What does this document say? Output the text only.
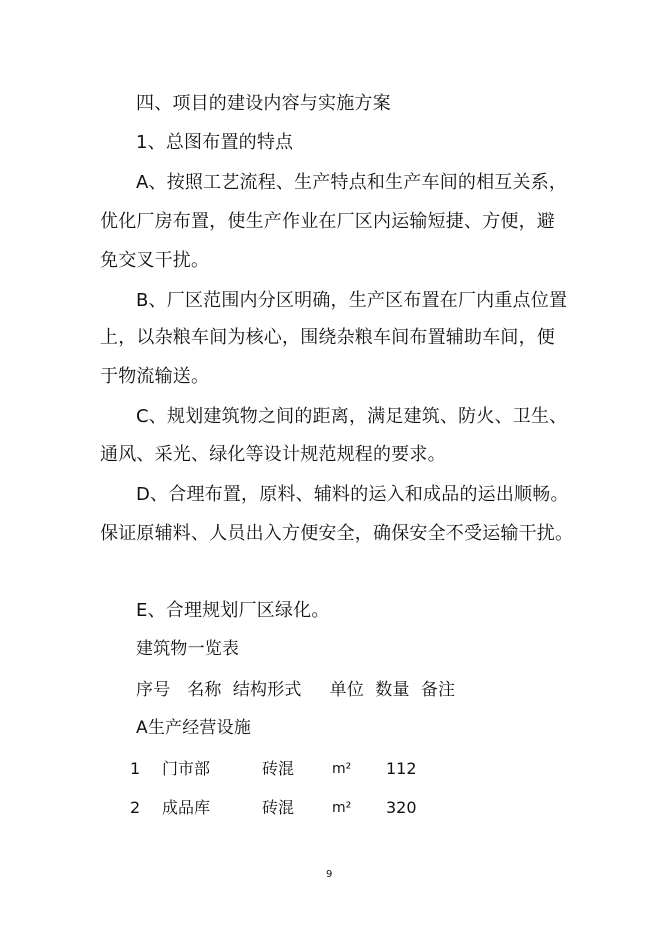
四、项目的建设内容与实施方案
1、总图布置的特点
A、按照工艺流程、生产特点和生产车间的相互关系，
优化厂房布置，使生产作业在厂区内运输短捷、方便，避
免交叉干扰。
B、厂区范围内分区明确，生产区布置在厂内重点位置
上，以杂粮车间为核心，围绕杂粮车间布置辅助车间，便
于物流输送。
C、规划建筑物之间的距离，满足建筑、防火、卫生、
通风、采光、绿化等设计规范规程的要求。
D、合理布置，原料、辅料的运入和成品的运出顺畅。
保证原辅料、人员出入方便安全，确保安全不受运输干扰。
E、合理规划厂区绿化。
建筑物一览表
序号   名称  结构形式     单位  数量  备注
A生产经营设施
1 门市部	砖混	m² 112
2 成品库	砖混	m² 320
9
